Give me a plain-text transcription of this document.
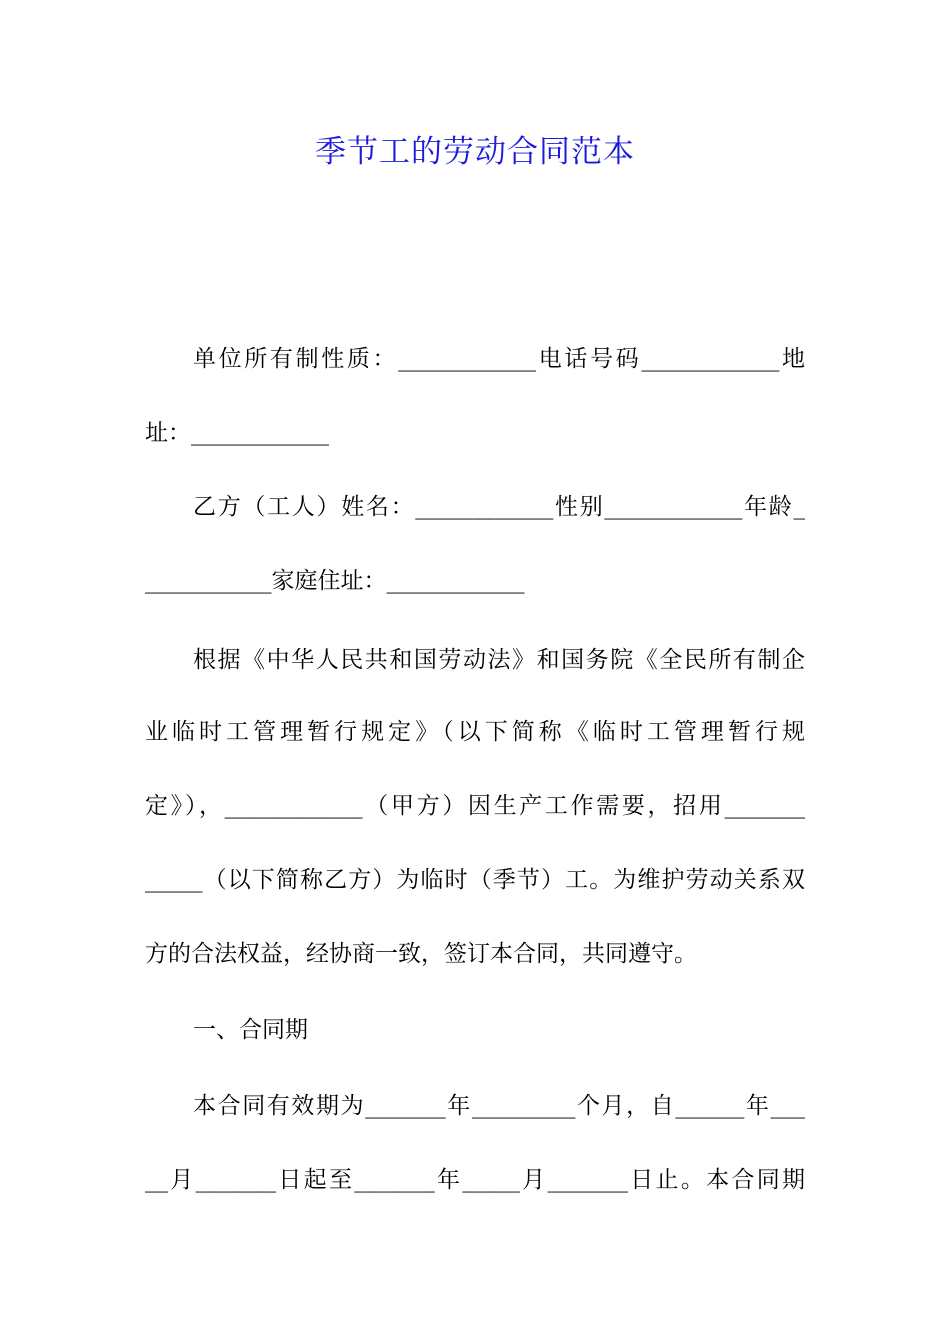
季节工的劳动合同范本
单位所有制性质：____________电话号码____________地
址：____________
乙方（工人）姓名：____________性别____________年龄_
___________家庭住址：____________
根据《中华人民共和国劳动法》和国务院《全民所有制企
业临时工管理暂行规定》（以下简称《临时工管理暂行规
定》），____________（甲方）因生产工作需要，招用_______
_____（以下简称乙方）为临时（季节）工。为维护劳动关系双
方的合法权益，经协商一致，签订本合同，共同遵守。
一、合同期
本合同有效期为_______年_________个月，自______年___
__月_______日起至_______年_____月_______日止。本合同期
